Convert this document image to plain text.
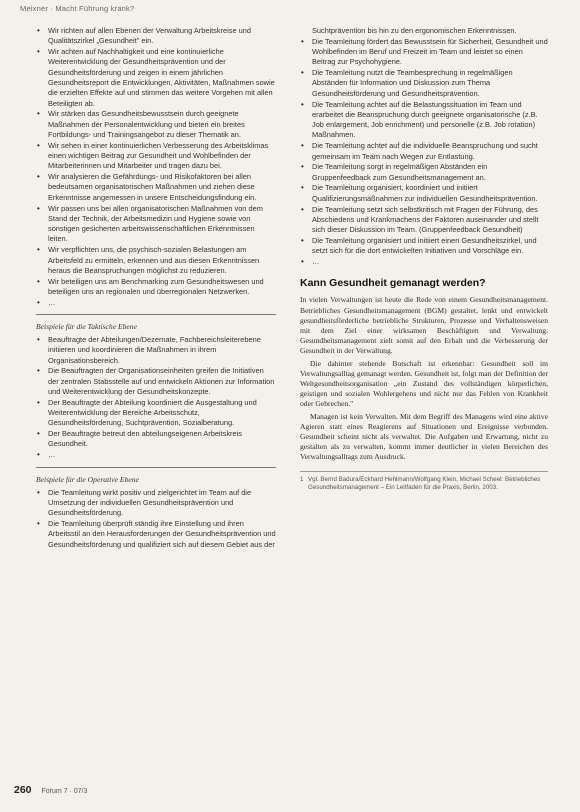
Meixner · Macht Führung krank?
• Wir richten auf allen Ebenen der Verwaltung Arbeitskreise und Qualitätszirkel „Gesundheit" ein.
• Wir achten auf Nachhaltigkeit und eine kontinuierliche Weiterentwicklung der Gesundheitsprävention und der Gesundheitsförderung und zeigen in einem jährlichen Gesundheitsreport die Entwicklungen, Aktivitäten, Maßnahmen sowie die erzielten Effekte auf und stimmen das weitere Vorgehen mit allen Beteiligten ab.
• Wir stärken das Gesundheitsbewusstsein durch geeignete Maßnahmen der Personalentwicklung und bieten ein breites Fortbildungs- und Trainingsangebot zu dieser Thematik an.
• Wir sehen in einer kontinuierlichen Verbesserung des Arbeitsklimas einen wichtigen Beitrag zur Gesundheit und Wohlbefinden der Mitarbeiterinnen und Mitarbeiter und tragen dazu bei.
• Wir analysieren die Gefährdungs- und Risikofaktoren bei allen bedeutsamen organisatorischen Maßnahmen und ziehen diese Erkenntnisse angemessen in unsere Entscheidungsfindung ein.
• Wir passen uns bei allen organisatorischen Maßnahmen von dem Stand der Technik, der Arbeitsmedizin und Hygiene sowie von sonstigen gesicherten arbeitswissenschaftlichen Erkenntnissen leiten.
• Wir verpflichten uns, die psychisch-sozialen Belastungen am Arbeitsfeld zu ermitteln, erkennen und aus diesen Erkenntnissen heraus die Beanspruchungen möglichst zu reduzieren.
• Wir beteiligen uns am Benchmarking zum Gesundheitswesen und beteiligen uns an regionalen und überregionalen Netzwerken.
• …
Beispiele für die Taktische Ebene
• Beauftragte der Abteilungen/Dezernate, Fachbereichsleiterebene initiieren und koordinieren die Maßnahmen in ihrem Organisationsbereich.
• Die Beauftragten der Organisationseinheiten greifen die Initiativen der zentralen Stabsstelle auf und entwickeln Aktionen zur Information und Weiterentwicklung der Gesundheitskonzepte.
• Der Beauftragte der Abteilung koordiniert die Ausgestaltung und Weiterentwicklung der Bereiche Arbeitsschutz, Gesundheitsförderung, Suchtprävention, Sozialberatung.
• Der Beauftragte betreut den abteilungseigenen Arbeitskreis Gesundheit.
• …
Beispiele für die Operative Ebene
• Die Teamleitung wirkt positiv und zielgerichtet im Team auf die Umsetzung der individuellen Gesundheitsprävention und Gesundheitsförderung.
• Die Teamleitung überprüft ständig ihre Einstellung und ihren Arbeitsstil an den Herausforderungen der Gesundheitsprävention und Gesundheitsförderung und qualifiziert sich auf diesem Gebiet aus der
Suchtprävention bis hin zu den ergonomischen Erkenntnissen.
• Die Teamleitung fördert das Bewusstsein für Sicherheit, Gesundheit und Wohlbefinden im Beruf und Freizeit im Team und leistet so einen Beitrag zur Psychohygiene.
• Die Teamleitung nutzt die Teambesprechung in regelmäßigen Abständen für Information und Diskussion zum Thema Gesundheitsförderung und Gesundheitsprävention.
• Die Teamleitung achtet auf die Belastungssituation im Team und erarbeitet die Beanspruchung durch geeignete organisatorische (z.B. Job enlargement, Job enrichment) und personelle (z.B. Job rotation) Maßnahmen.
• Die Teamleitung achtet auf die individuelle Beanspruchung und sucht gemeinsam im Team nach Wegen zur Entlastung.
• Die Teamleitung sorgt in regelmäßigen Abständen ein Gruppenfeedback zum Gesundheitsmanagement an.
• Die Teamleitung organisiert, koordiniert und initiiert Qualifizierungsmaßnahmen zur individuellen Gesundheitsprävention.
• Die Teamleitung setzt sich selbstkritisch mit Fragen der Führung, des Abschiedens und Krankmachens der Faktoren auseinander und stellt sich dieser Diskussion im Team. (Gruppenfeedback Gesundheit)
• Die Teamleitung organisiert und initiiert einen Gesundheitszirkel, und setzt sich für die dort entwickelten Initiativen und Vorschläge ein.
• …
Kann Gesundheit gemanagt werden?

In vielen Verwaltungen ist heute die Rede von einem Gesundheitsmanagement. Betriebliches Gesundheitsmanagement (BGM) gestaltet, lenkt und entwickelt gesundheitsförderliche betriebliche Strukturen, Prozesse und Verhaltensweisen mit dem Ziel einer wirksamen Beschäftigten und Verwaltung. Gesundheitsmanagement zielt somit auf den Erhalt und die Verbesserung der Gesundheit in der Verwaltung.

Die dahinter stehende Botschaft ist erkennbar: Gesundheit soll im Verwaltungsalltag gemanagt werden. Gesundheit ist, folgt man der Definition der Weltgesundheitsorganisation „ein Zustand des vollständigen körperlichen, geistigen und sozialen Wohlergehens und nicht nur das Fehlen von Krankheit oder Gebrechen."

Managen ist kein Verwalten. Mit dem Begriff des Managens wird eine aktive Agieren statt eines Reagierens auf Situationen und Ereignisse verbunden. Gesundheit scheint nicht als verwaltet. Die Aufgaben und Erwartung, nicht zu gestalten als zu verwalten, kommt immer deutlicher in vielen Bereichen des Verwaltungsalltags zum Ausdruck.

1 Vgl. Bernd Badura/Eckhard Hehlmann/Wolfgang Klein, Michael Scheel: Betriebliches Gesundheitsmanagement – Ein Leitfaden für die Praxis, Berlin, 2003.
260 Forum 7 · 07/3
